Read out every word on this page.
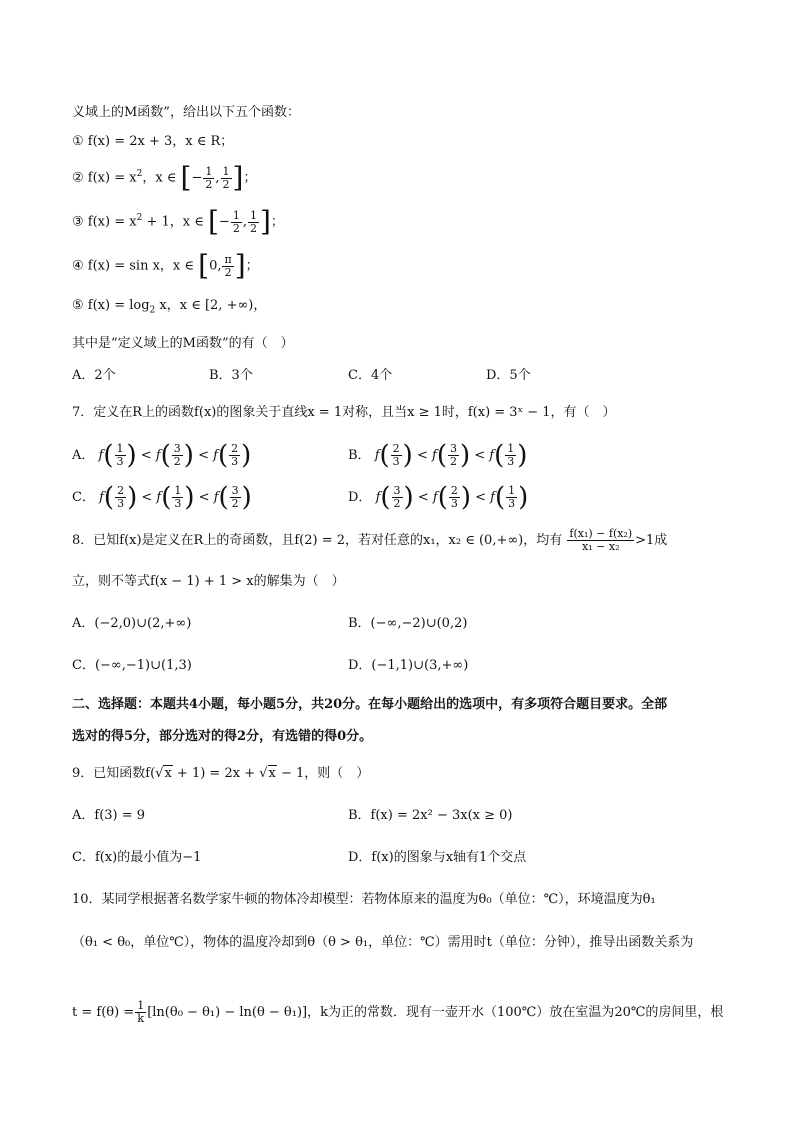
义域上的M函数”，给出以下五个函数：
① f(x) = 2x + 3，x ∈ R；
② $f(x) = x^2$，x ∈ [− $\frac{1}{2}$ , $\frac{1}{2}$ ]；
③ $f(x) = x^2 + 1$，x ∈ [− $\frac{1}{2}$ , $\frac{1}{2}$ ]；
④ f(x) = sin x，x ∈ [0, $\frac{\pi}{2}$ ]；
⑤ $f(x) = \log_2 x$，x ∈ [2, +∞)，
其中是“定义域上的M函数”的有（　）
A．2个	B．3个	C．4个	D．5个
7．定义在R上的函数f(x)的图象关于直线x = 1对称，且当x ≥ 1时，f(x) = 3ˣ − 1，有（　）
A． $f( \frac{1}{3}$ ) < $f( \frac{3}{2}$ ) < $f( \frac{2}{3}$ )	B． $f( \frac{2}{3}$ ) < $f( \frac{3}{2}$ ) < $f( \frac{1}{3}$ )
C． $f( \frac{2}{3}$ ) < $f( \frac{1}{3}$ ) < $f( \frac{3}{2}$ )	D． $f( \frac{3}{2}$ ) < $f( \frac{2}{3}$ ) < $f( \frac{1}{3}$ )
8．已知f(x)是定义在R上的奇函数，且f(2) = 2，若对任意的x₁，x₂ ∈ (0,+∞)，均有 $\frac{\text{f(x₁) − f(x₂)}}{\text{x₁ − x₂}} >1$成
立，则不等式f(x − 1) + 1 > x的解集为（　）
A．(−2,0)∪(2,+∞)	B．(−∞,−2)∪(0,2)
C．(−∞,−1)∪(1,3)	D．(−1,1)∪(3,+∞)
二、选择题：本题共4小题，每小题5分，共20分。在每小题给出的选项中，有多项符合题目要求。全部
选对的得5分，部分选对的得2分，有选错的得0分。
9．已知函数f(√x + 1) = 2x + √x − 1，则（　）
A．f(3) = 9	B．f(x) = 2x² − 3x(x ≥ 0)
C．f(x)的最小值为−1	D．f(x)的图象与x轴有1个交点
10．某同学根据著名数学家牛顿的物体冷却模型：若物体原来的温度为θ₀（单位：℃），环境温度为θ₁
（θ₁ < θ₀，单位℃），物体的温度冷却到θ（θ > θ₁，单位：℃）需用时t（单位：分钟），推导出函数关系为
$t = f(\theta) = \frac{1}{k} [\ln(\theta_0 - \theta_1) - \ln(\theta - \theta_1)]$，k为正的常数．现有一壶开水（100℃）放在室温为20℃的房间里，根
